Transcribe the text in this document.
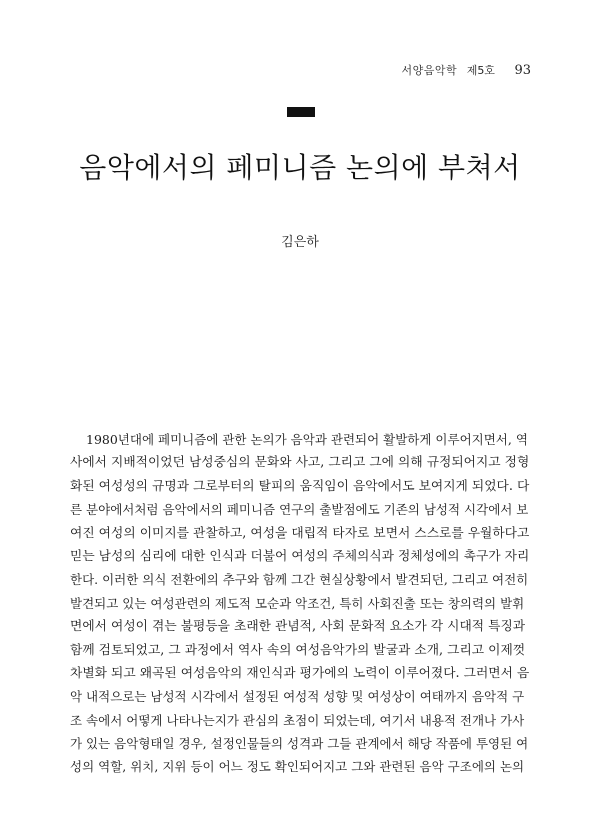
서양음악학 제5호 93
음악에서의 페미니즘 논의에 부쳐서
김은하
1980년대에 페미니즘에 관한 논의가 음악과 관련되어 활발하게 이루어지면서, 역
사에서 지배적이었던 남성중심의 문화와 사고, 그리고 그에 의해 규정되어지고 정형
화된 여성성의 규명과 그로부터의 탈피의 움직임이 음악에서도 보여지게 되었다. 다
른 분야에서처럼 음악에서의 페미니즘 연구의 출발점에도 기존의 남성적 시각에서 보
여진 여성의 이미지를 관찰하고, 여성을 대립적 타자로 보면서 스스로를 우월하다고
믿는 남성의 심리에 대한 인식과 더불어 여성의 주체의식과 정체성에의 촉구가 자리
한다. 이러한 의식 전환에의 추구와 함께 그간 현실상황에서 발견되던, 그리고 여전히
발견되고 있는 여성관련의 제도적 모순과 악조건, 특히 사회진출 또는 창의력의 발휘
면에서 여성이 겪는 불평등을 초래한 관념적, 사회 문화적 요소가 각 시대적 특징과
함께 검토되었고, 그 과정에서 역사 속의 여성음악가의 발굴과 소개, 그리고 이제껏
차별화 되고 왜곡된 여성음악의 재인식과 평가에의 노력이 이루어졌다. 그러면서 음
악 내적으로는 남성적 시각에서 설정된 여성적 성향 및 여성상이 여태까지 음악적 구
조 속에서 어떻게 나타나는지가 관심의 초점이 되었는데, 여기서 내용적 전개나 가사
가 있는 음악형태일 경우, 설정인물들의 성격과 그들 관계에서 해당 작품에 투영된 여
성의 역할, 위치, 지위 등이 어느 정도 확인되어지고 그와 관련된 음악 구조에의 논의
